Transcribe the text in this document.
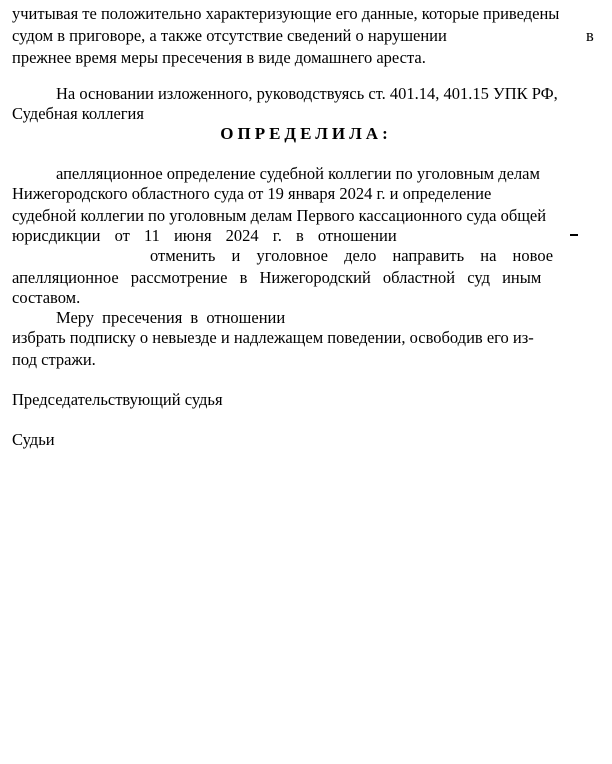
учитывая те положительно характеризующие его данные, которые приведены
судом в приговоре, а также отсутствие сведений о нарушении	в
прежнее время меры пресечения в виде домашнего ареста.
На основании изложенного, руководствуясь ст. 401.14, 401.15 УПК РФ,
Судебная коллегия
ОПРЕДЕЛИЛА:
апелляционное определение судебной коллегии по уголовным делам
Нижегородского областного суда от 19 января 2024 г. и определение
судебной коллегии по уголовным делам Первого кассационного суда общей
юрисдикции от 11 июня 2024 г. в отношении
отменить и уголовное дело направить на новое
апелляционное рассмотрение в Нижегородский областной суд иным
составом.
Меру пресечения в отношении
избрать подписку о невыезде и надлежащем поведении, освободив его из-
под стражи.
Председательствующий судья
Судьи
